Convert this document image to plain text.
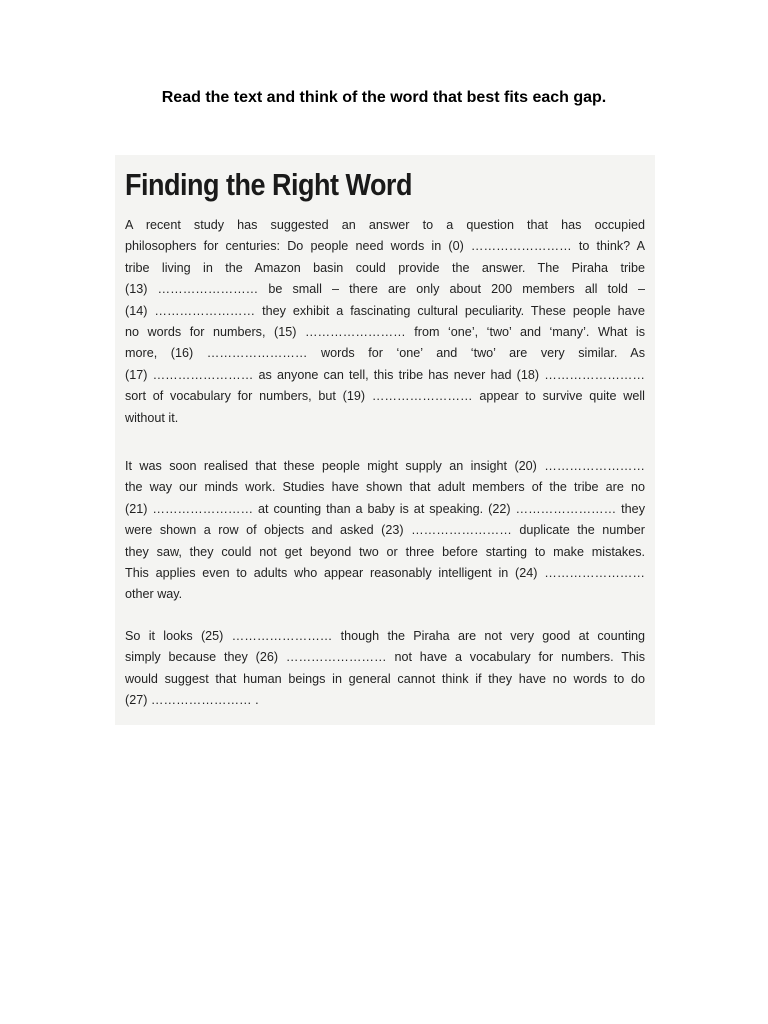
Read the text and think of the word that best fits each gap.
Finding the Right Word
A recent study has suggested an answer to a question that has occupied
philosophers for centuries: Do people need words in (0) …………………… to think? A
tribe living in the Amazon basin could provide the answer. The Piraha tribe
(13) …………………… be small – there are only about 200 members all told –
(14) …………………… they exhibit a fascinating cultural peculiarity. These people have
no words for numbers, (15) …………………… from ‘one’, ‘two’ and ‘many’. What is
more, (16) …………………… words for ‘one’ and ‘two’ are very similar. As
(17) …………………… as anyone can tell, this tribe has never had (18) ……………………
sort of vocabulary for numbers, but (19) …………………… appear to survive quite well
without it.
It was soon realised that these people might supply an insight (20) ……………………
the way our minds work. Studies have shown that adult members of the tribe are no
(21) …………………… at counting than a baby is at speaking. (22) …………………… they
were shown a row of objects and asked (23) …………………… duplicate the number
they saw, they could not get beyond two or three before starting to make mistakes.
This applies even to adults who appear reasonably intelligent in (24) ……………………
other way.
So it looks (25) …………………… though the Piraha are not very good at counting
simply because they (26) …………………… not have a vocabulary for numbers. This
would suggest that human beings in general cannot think if they have no words to do
(27) …………………… .
